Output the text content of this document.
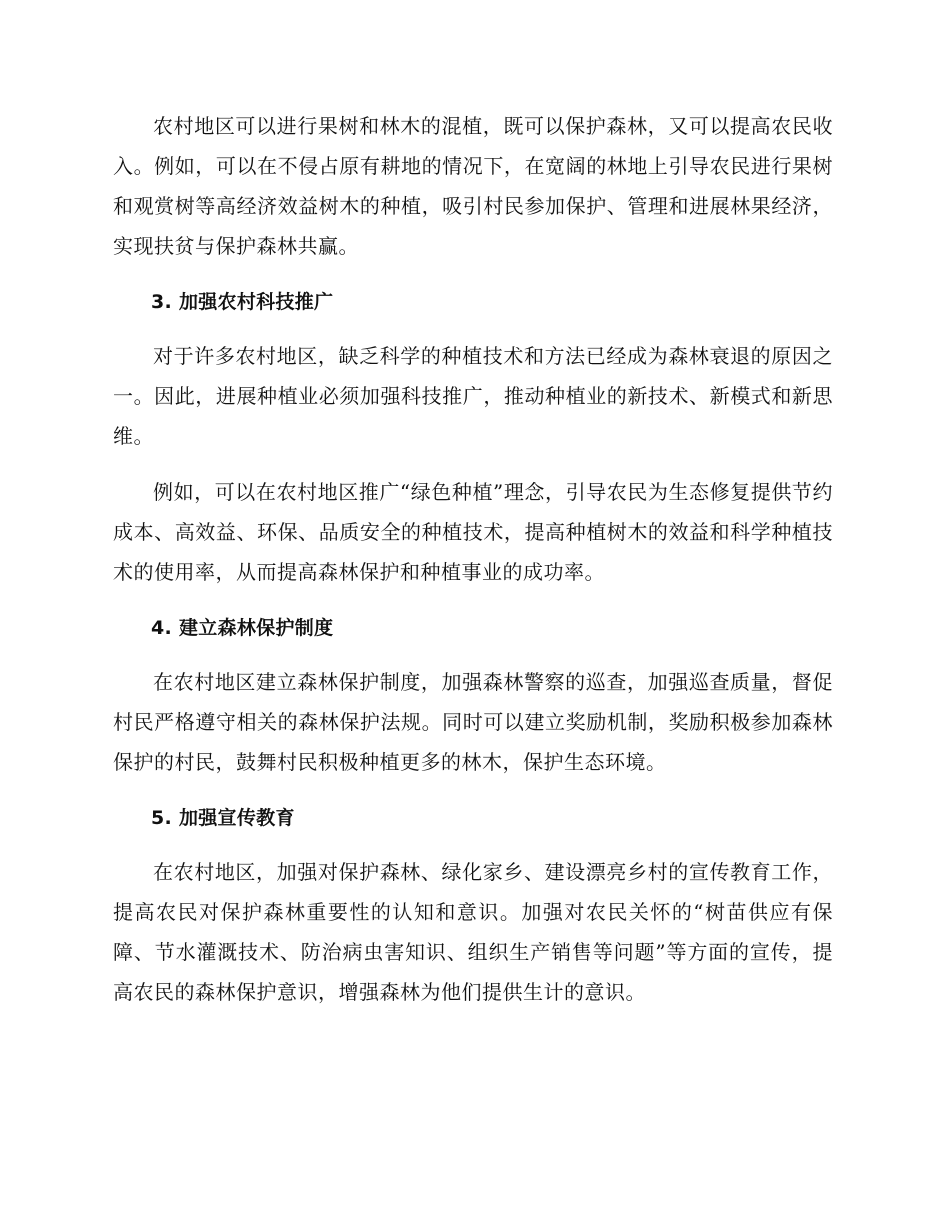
农村地区可以进行果树和林木的混植，既可以保护森林，又可以提高农民收入。例如，可以在不侵占原有耕地的情况下，在宽阔的林地上引导农民进行果树和观赏树等高经济效益树木的种植，吸引村民参加保护、管理和进展林果经济，实现扶贫与保护森林共赢。

3. 加强农村科技推广

对于许多农村地区，缺乏科学的种植技术和方法已经成为森林衰退的原因之一。因此，进展种植业必须加强科技推广，推动种植业的新技术、新模式和新思维。

例如，可以在农村地区推广“绿色种植”理念，引导农民为生态修复提供节约成本、高效益、环保、品质安全的种植技术，提高种植树木的效益和科学种植技术的使用率，从而提高森林保护和种植事业的成功率。

4. 建立森林保护制度

在农村地区建立森林保护制度，加强森林警察的巡查，加强巡查质量，督促村民严格遵守相关的森林保护法规。同时可以建立奖励机制，奖励积极参加森林保护的村民，鼓舞村民积极种植更多的林木，保护生态环境。

5. 加强宣传教育

在农村地区，加强对保护森林、绿化家乡、建设漂亮乡村的宣传教育工作，提高农民对保护森林重要性的认知和意识。加强对农民关怀的“树苗供应有保障、节水灌溉技术、防治病虫害知识、组织生产销售等问题”等方面的宣传，提高农民的森林保护意识，增强森林为他们提供生计的意识。
